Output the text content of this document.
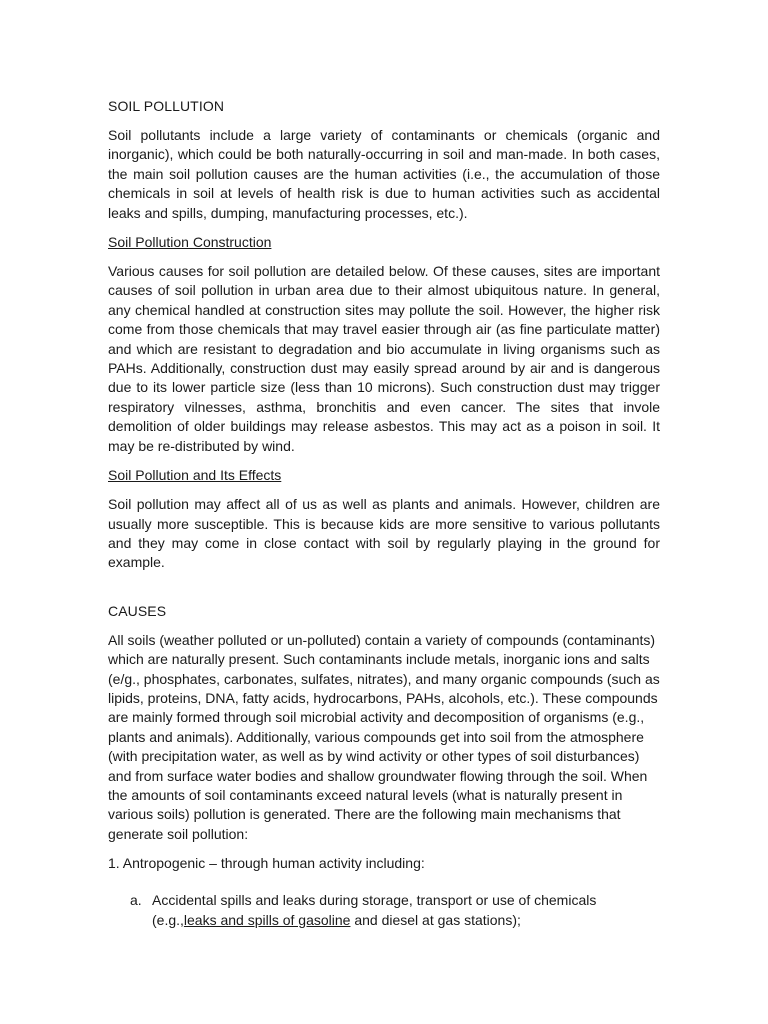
SOIL POLLUTION

Soil pollutants include a large variety of contaminants or chemicals (organic and inorganic), which could be both naturally-occurring in soil and man-made. In both cases, the main soil pollution causes are the human activities (i.e., the accumulation of those chemicals in soil at levels of health risk is due to human activities such as accidental leaks and spills, dumping, manufacturing processes, etc.).

Soil Pollution Construction

Various causes for soil pollution are detailed below. Of these causes, sites are important causes of soil pollution in urban area due to their almost ubiquitous nature. In general, any chemical handled at construction sites may pollute the soil. However, the higher risk come from those chemicals that may travel easier through air (as fine particulate matter) and which are resistant to degradation and bio accumulate in living organisms such as PAHs. Additionally, construction dust may easily spread around by air and is dangerous due to its lower particle size (less than 10 microns). Such construction dust may trigger respiratory vilnesses, asthma, bronchitis and even cancer. The sites that involе demolition of older buildings may release asbestos. This may act as a poison in soil. It may be re-distributed by wind.

Soil Pollution and Its Effects

Soil pollution may affect all of us as well as plants and animals. However, children are usually more susceptible. This is because kids are more sensitive to various pollutants and they may come in close contact with soil by regularly playing in the ground for example.

CAUSES

All soils (weather polluted or un-polluted) contain a variety of compounds (contaminants) which are naturally present. Such contaminants include metals, inorganic ions and salts (e/g., phosphates, carbonates, sulfates, nitrates), and many organic compounds (such as lipids, proteins, DNA, fatty acids, hydrocarbons, PAHs, alcohols, etc.). These compounds are mainly formed through soil microbial activity and decomposition of organisms (e.g., plants and animals). Additionally, various compounds get into soil from the atmosphere (with precipitation water, as well as by wind activity or other types of soil disturbances) and from surface water bodies and shallow groundwater flowing through the soil. When the amounts of soil contaminants exceed natural levels (what is naturally present in various soils) pollution is generated. There are the following main mechanisms that generate soil pollution:

1. Antropogenic – through human activity including:
a. Accidental spills and leaks during storage, transport or use of chemicals (e.g.,leaks and spills of gasoline and diesel at gas stations);
